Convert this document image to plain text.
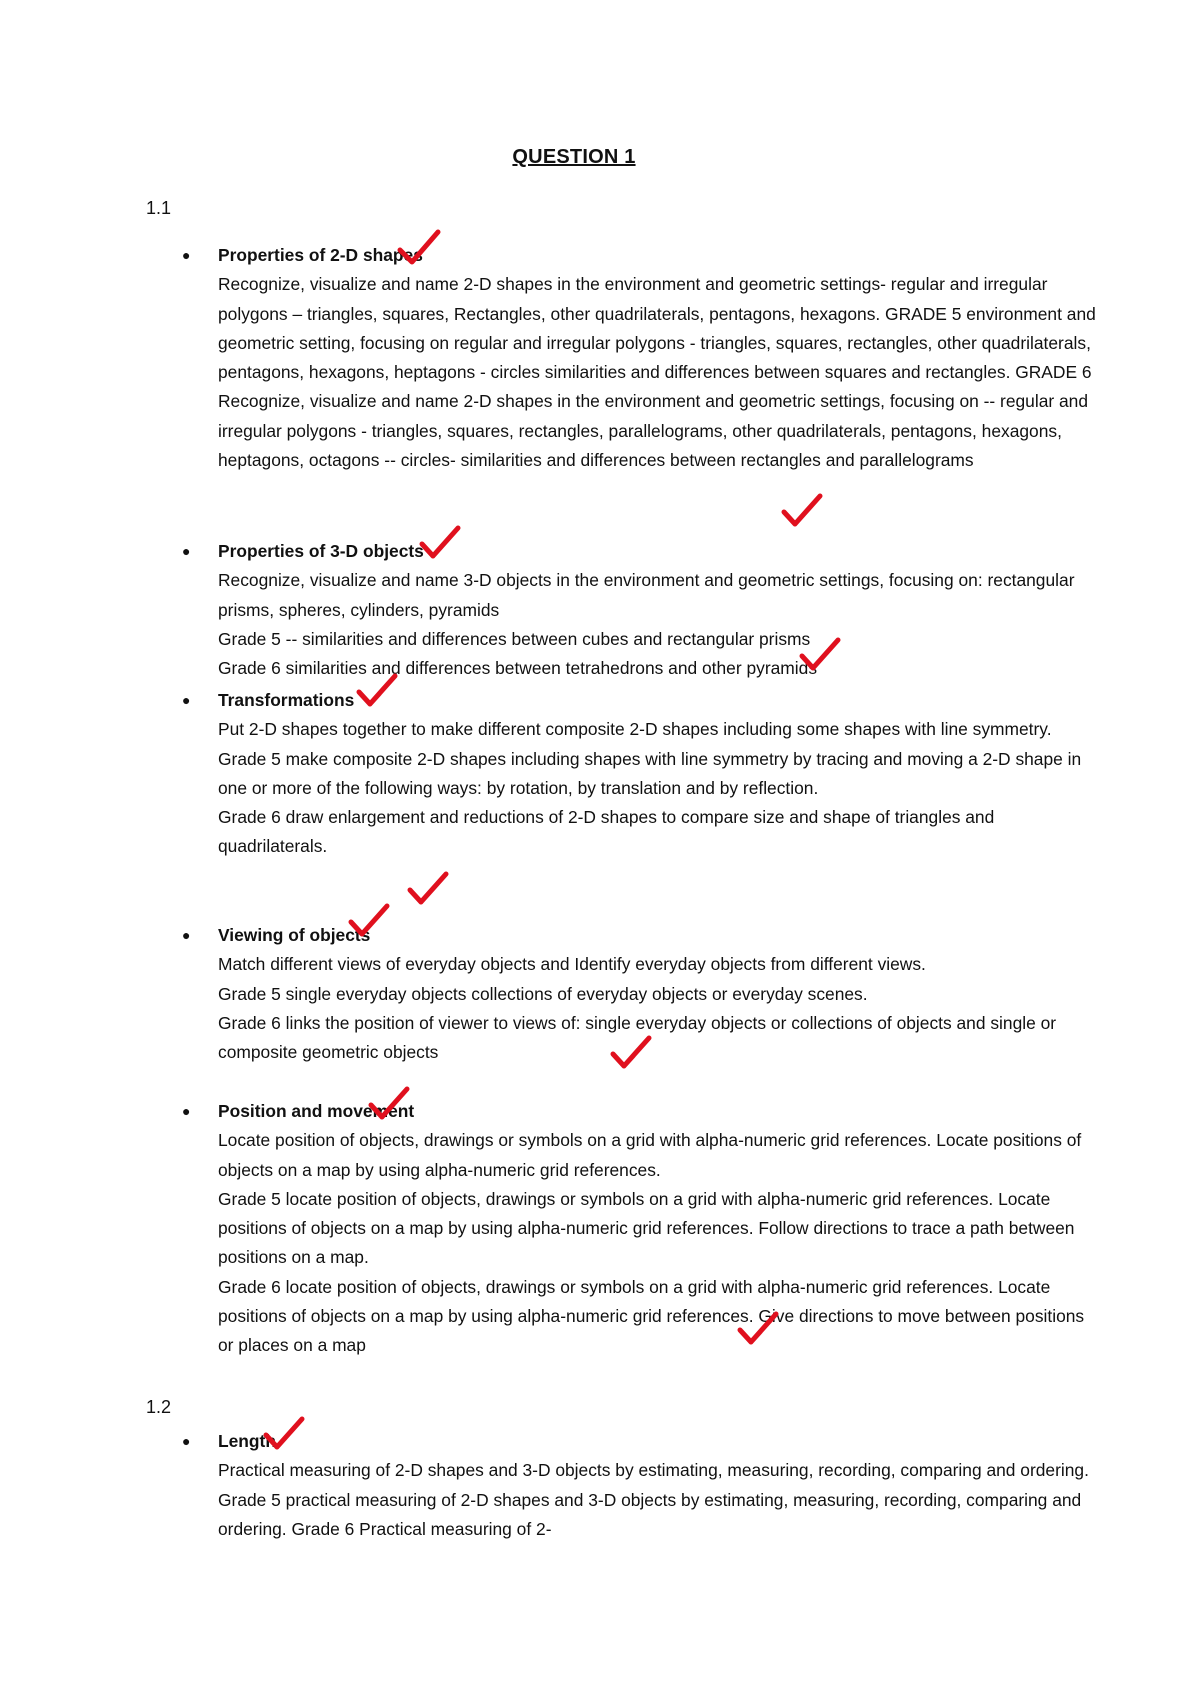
QUESTION 1
1.1
● Properties of 2-D shapes
Recognize, visualize and name 2-D shapes in the environment and geometric settings- regular and irregular polygons – triangles, squares, Rectangles, other quadrilaterals, pentagons, hexagons. GRADE 5 environment and geometric setting, focusing on regular and irregular polygons - triangles, squares, rectangles, other quadrilaterals, pentagons, hexagons, heptagons - circles similarities and differences between squares and rectangles. GRADE 6 Recognize, visualize and name 2-D shapes in the environment and geometric settings, focusing on -- regular and irregular polygons - triangles, squares, rectangles, parallelograms, other quadrilaterals, pentagons, hexagons, heptagons, octagons -- circles- similarities and differences between rectangles and parallelograms
● Properties of 3-D objects
Recognize, visualize and name 3-D objects in the environment and geometric settings, focusing on: rectangular prisms, spheres, cylinders, pyramids
Grade 5 -- similarities and differences between cubes and rectangular prisms
Grade 6 similarities and differences between tetrahedrons and other pyramids
● Transformations
Put 2-D shapes together to make different composite 2-D shapes including some shapes with line symmetry.
Grade 5 make composite 2-D shapes including shapes with line symmetry by tracing and moving a 2-D shape in one or more of the following ways: by rotation, by translation and by reflection.
Grade 6 draw enlargement and reductions of 2-D shapes to compare size and shape of triangles and quadrilaterals.
● Viewing of objects
Match different views of everyday objects and Identify everyday objects from different views.
Grade 5 single everyday objects collections of everyday objects or everyday scenes.
Grade 6 links the position of viewer to views of: single everyday objects or collections of objects and single or composite geometric objects
● Position and movement
Locate position of objects, drawings or symbols on a grid with alpha-numeric grid references. Locate positions of objects on a map by using alpha-numeric grid references.
Grade 5 locate position of objects, drawings or symbols on a grid with alpha-numeric grid references. Locate positions of objects on a map by using alpha-numeric grid references. Follow directions to trace a path between positions on a map.
Grade 6 locate position of objects, drawings or symbols on a grid with alpha-numeric grid references. Locate positions of objects on a map by using alpha-numeric grid references. Give directions to move between positions or places on a map
1.2
● Length
Practical measuring of 2-D shapes and 3-D objects by estimating, measuring, recording, comparing and ordering. Grade 5 practical measuring of 2-D shapes and 3-D objects by estimating, measuring, recording, comparing and ordering. Grade 6 Practical measuring of 2-
